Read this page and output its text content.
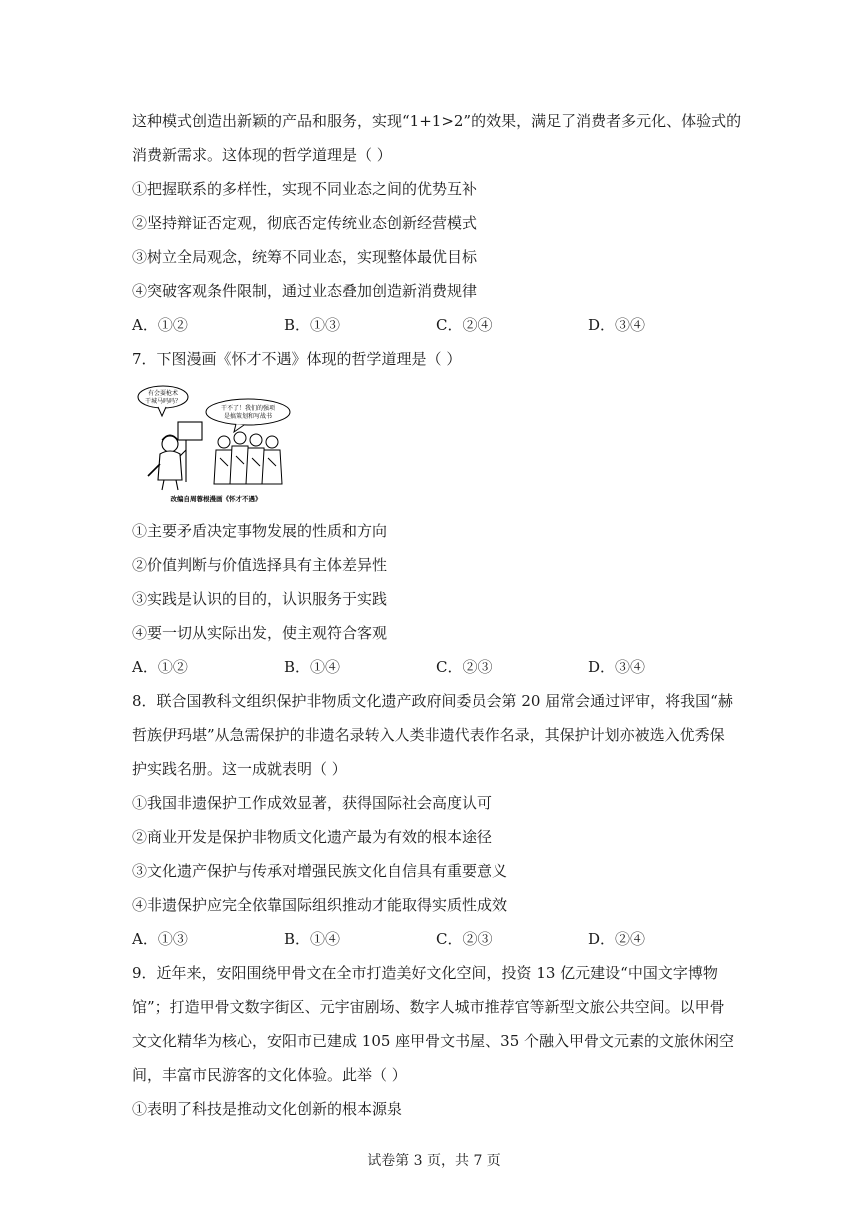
这种模式创造出新颖的产品和服务，实现“1+1>2”的效果，满足了消费者多元化、体验式的

消费新需求。这体现的哲学道理是（ ）

①把握联系的多样性，实现不同业态之间的优势互补

②坚持辩证否定观，彻底否定传统业态创新经营模式

③树立全局观念，统筹不同业态，实现整体最优目标

④突破客观条件限制，通过业态叠加创造新消费规律

A．①②	B．①③	C．②④	D．③④

7．下图漫画《怀才不遇》体现的哲学道理是（ ）

有会耍枪术
干城马吗吗？
干不了！我们的强项
是搞策划和写战书
改编自周蓉根漫画《怀才不遇》

①主要矛盾决定事物发展的性质和方向

②价值判断与价值选择具有主体差异性

③实践是认识的目的，认识服务于实践

④要一切从实际出发，使主观符合客观

A．①②	B．①④	C．②③	D．③④

8．联合国教科文组织保护非物质文化遗产政府间委员会第 20 届常会通过评审，将我国“赫

哲族伊玛堪”从急需保护的非遗名录转入人类非遗代表作名录，其保护计划亦被选入优秀保

护实践名册。这一成就表明（ ）

①我国非遗保护工作成效显著，获得国际社会高度认可

②商业开发是保护非物质文化遗产最为有效的根本途径

③文化遗产保护与传承对增强民族文化自信具有重要意义

④非遗保护应完全依靠国际组织推动才能取得实质性成效

A．①③	B．①④	C．②③	D．②④

9．近年来，安阳围绕甲骨文在全市打造美好文化空间，投资 13 亿元建设“中国文字博物

馆”；打造甲骨文数字街区、元宇宙剧场、数字人城市推荐官等新型文旅公共空间。以甲骨

文文化精华为核心，安阳市已建成 105 座甲骨文书屋、35 个融入甲骨文元素的文旅休闲空

间，丰富市民游客的文化体验。此举（ ）

①表明了科技是推动文化创新的根本源泉

试卷第 3 页，共 7 页
